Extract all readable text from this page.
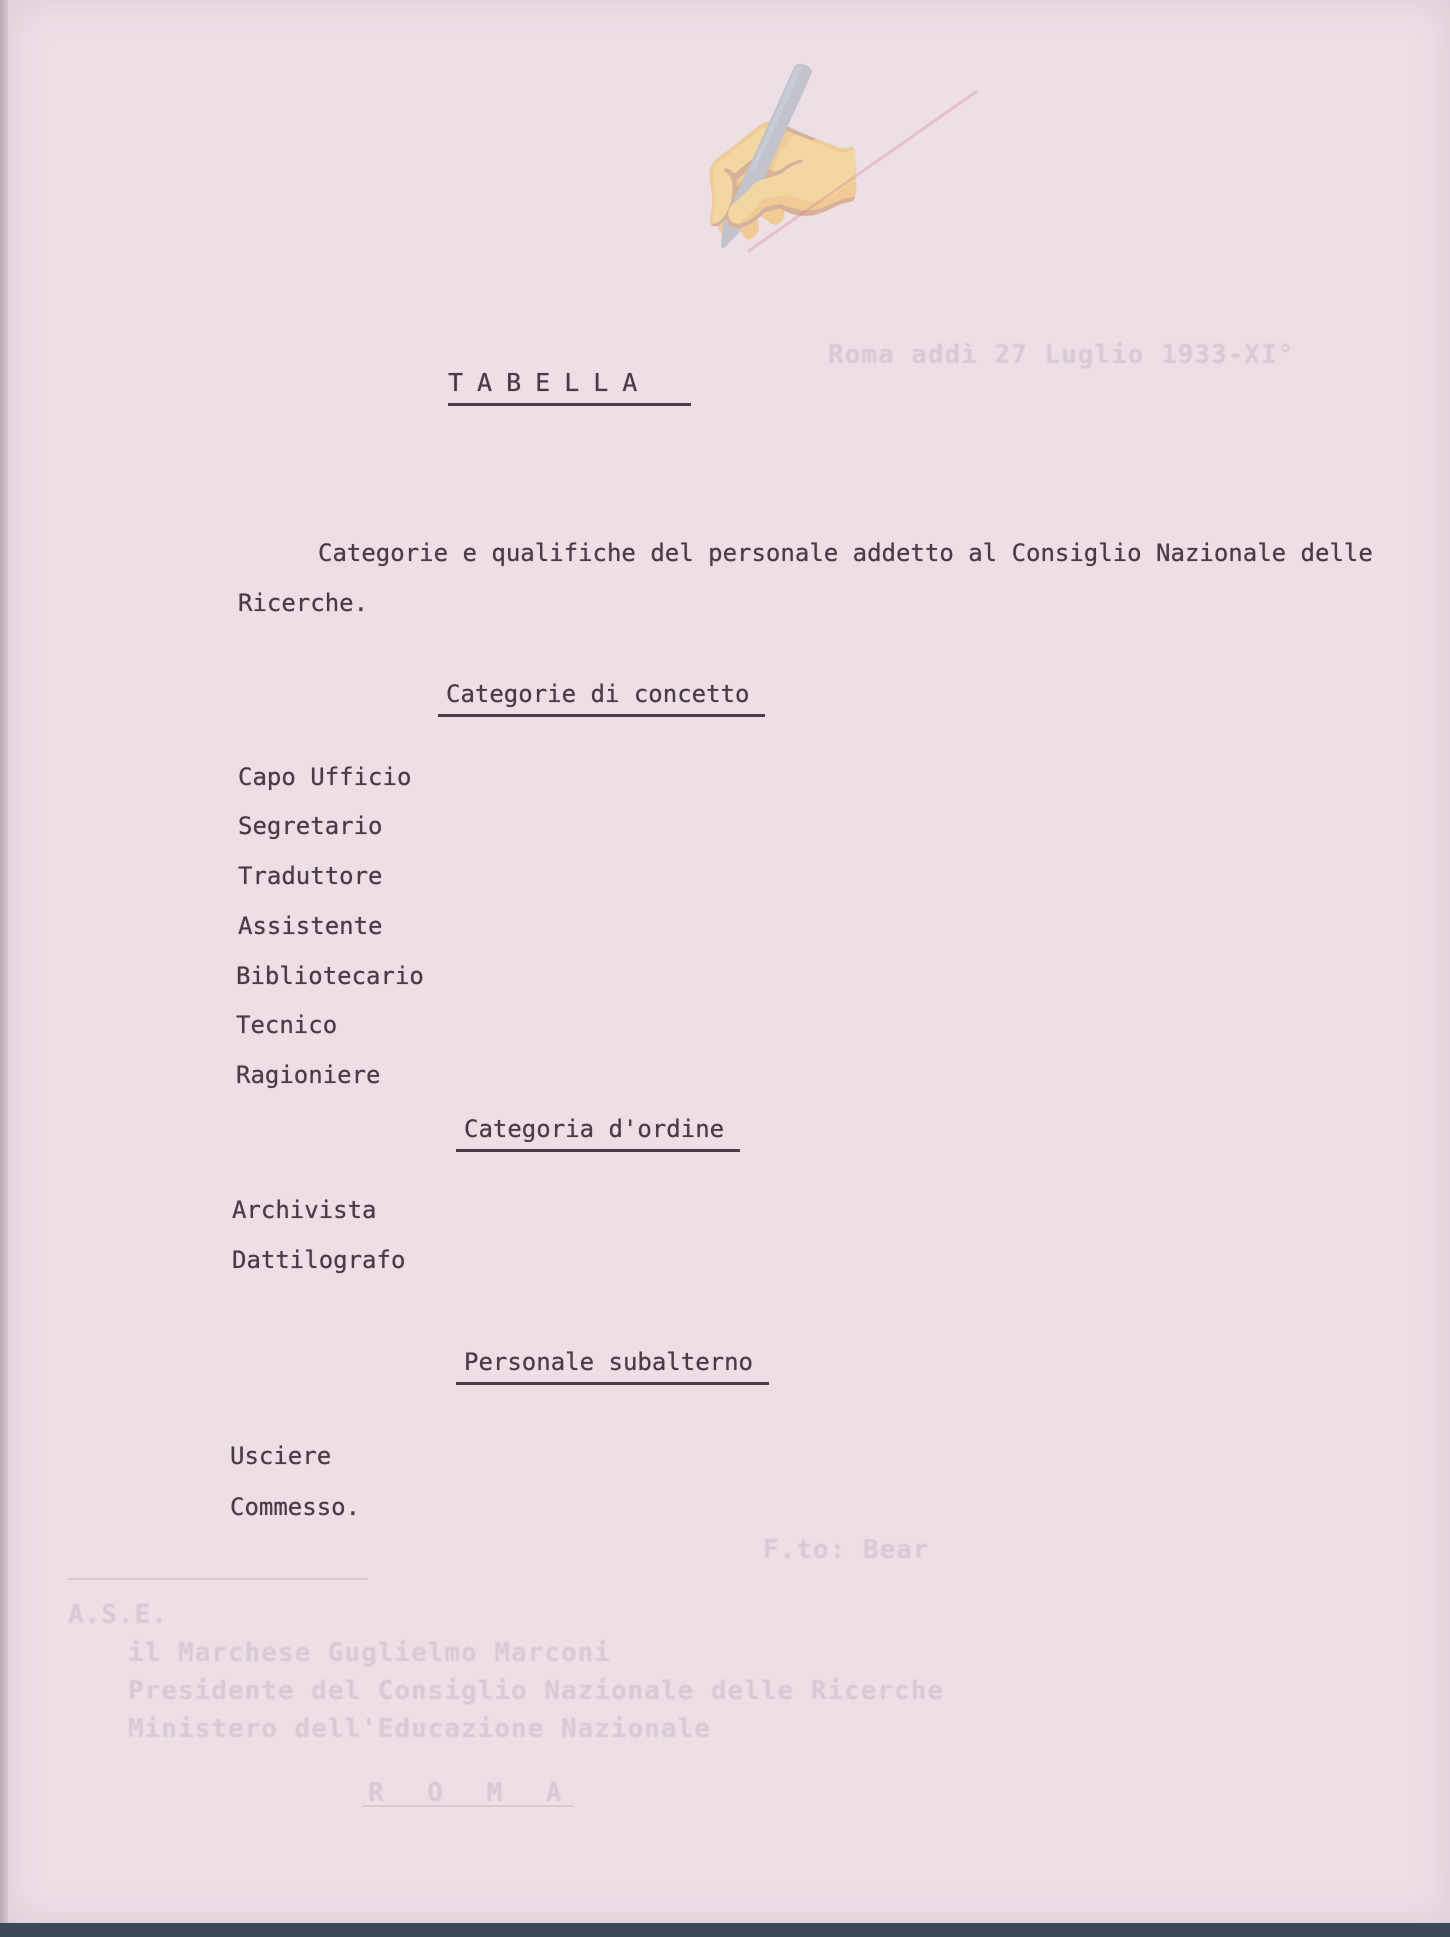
Roma addì 27 Luglio 1933-XI°
F.to: Bear
A.S.E.
il Marchese Guglielmo Marconi
Presidente del Consiglio Nazionale delle Ricerche
Ministero dell'Educazione Nazionale
R O M A
✍
TABELLA
Categorie e qualifiche del personale addetto al Consiglio Nazionale delle Ricerche.
Categorie di concetto
Capo Ufficio
Segretario
Traduttore
Assistente
Bibliotecario
Tecnico
Ragioniere
Categoria d'ordine
Archivista
Dattilografo
Personale subalterno
Usciere
Commesso.
